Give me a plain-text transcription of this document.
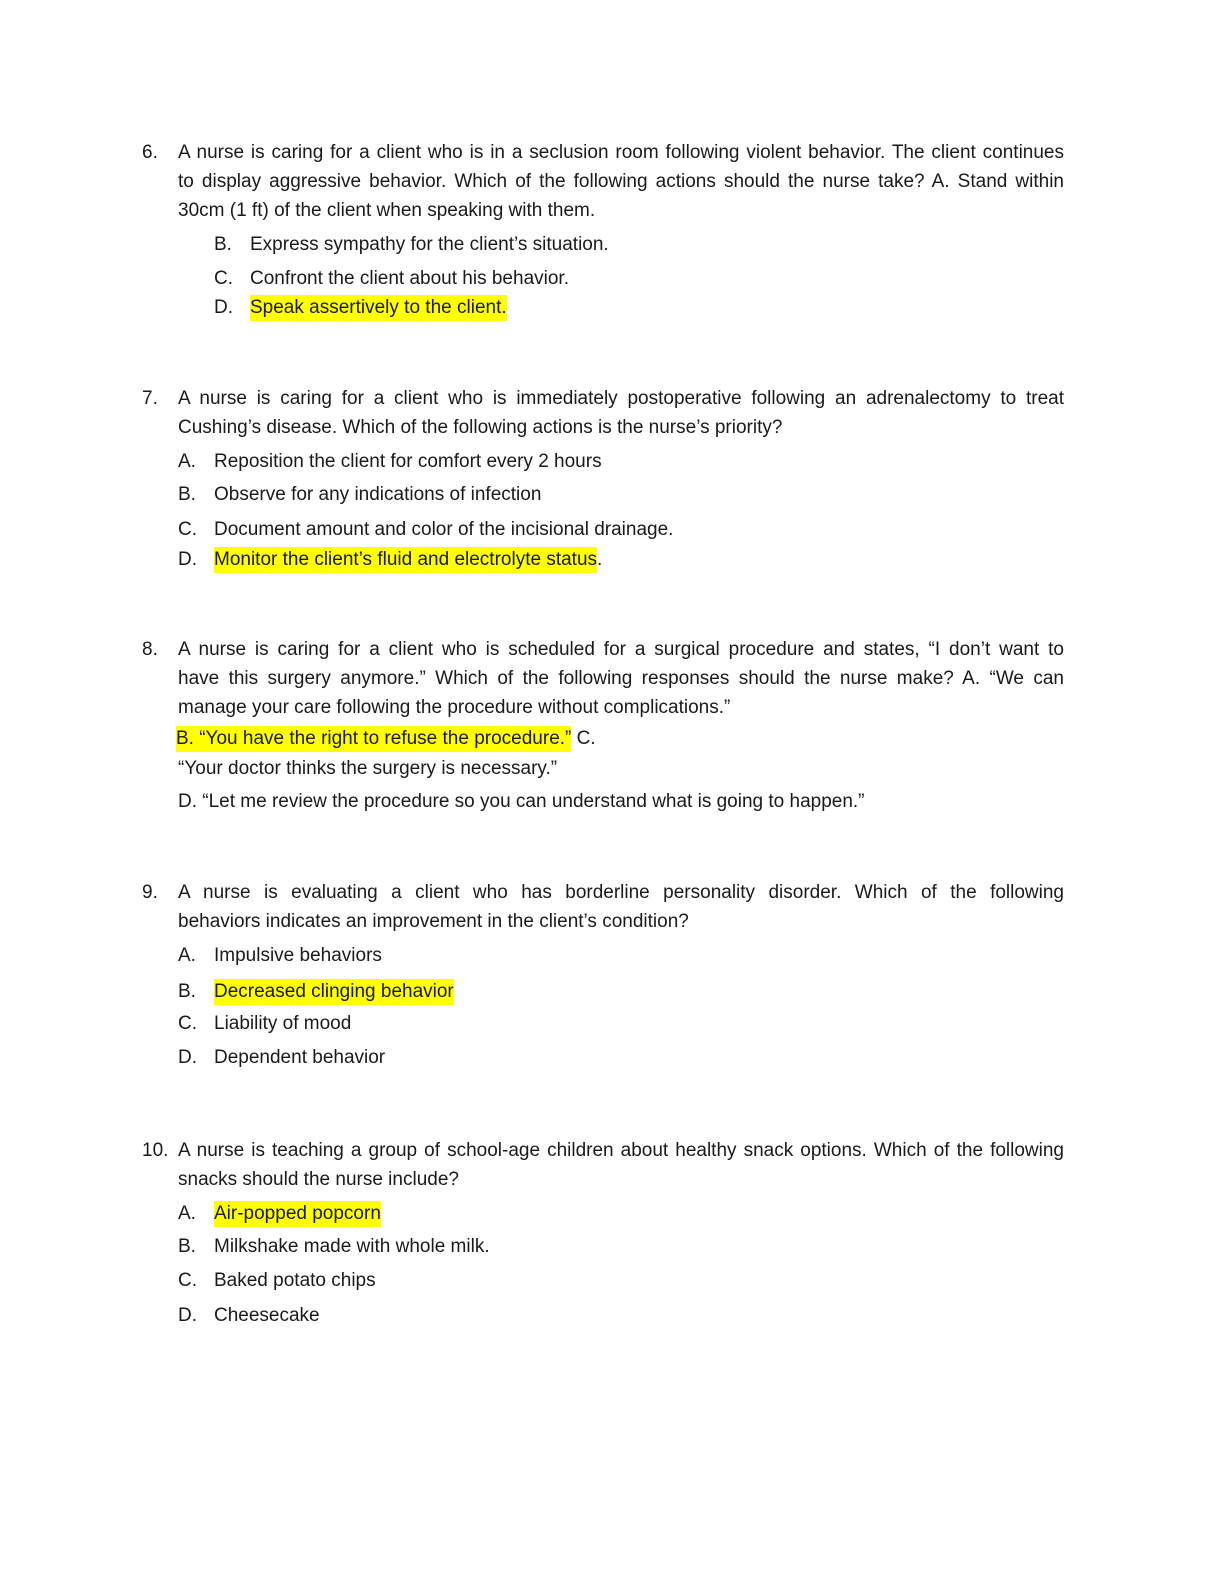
6. A nurse is caring for a client who is in a seclusion room following violent behavior. The client continues
to display aggressive behavior. Which of the following actions should the nurse take? A. Stand within
30cm (1 ft) of the client when speaking with them.
B. Express sympathy for the client’s situation.
C. Confront the client about his behavior.
D. Speak assertively to the client.
7. A nurse is caring for a client who is immediately postoperative following an adrenalectomy to treat
Cushing’s disease. Which of the following actions is the nurse’s priority?
A. Reposition the client for comfort every 2 hours
B. Observe for any indications of infection
C. Document amount and color of the incisional drainage.
D. Monitor the client’s fluid and electrolyte status.
8. A nurse is caring for a client who is scheduled for a surgical procedure and states, “I don’t want to
have this surgery anymore.” Which of the following responses should the nurse make? A. “We can
manage your care following the procedure without complications.”
B. “You have the right to refuse the procedure.” C.
“Your doctor thinks the surgery is necessary.”
D. “Let me review the procedure so you can understand what is going to happen.”
9. A nurse is evaluating a client who has borderline personality disorder. Which of the following
behaviors indicates an improvement in the client’s condition?
A. Impulsive behaviors
B. Decreased clinging behavior
C. Liability of mood
D. Dependent behavior
10. A nurse is teaching a group of school-age children about healthy snack options. Which of the following
snacks should the nurse include?
A. Air-popped popcorn
B. Milkshake made with whole milk.
C. Baked potato chips
D. Cheesecake
